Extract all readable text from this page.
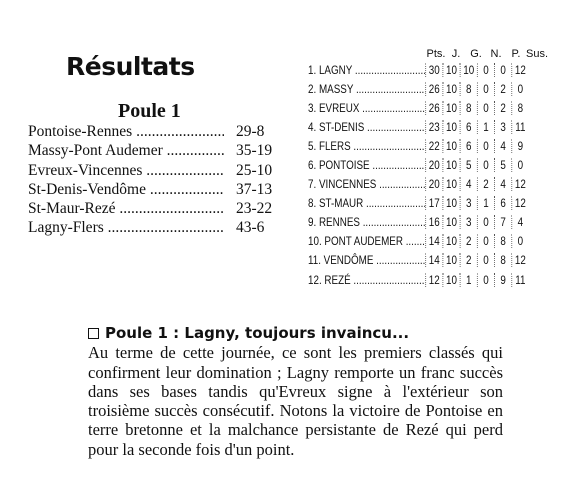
Résultats
Poule 1
Pontoise-Rennes .....	29-8
Massy-Pont Audemer .....	35-19
Evreux-Vincennes .....	25-10
St-Denis-Vendôme .....	37-13
St-Maur-Rezé .....	23-22
Lagny-Flers .....	43-6
Pts. J. G. N. P. Sus.
1. LAGNY .....	30 10 10 0 0 12
2. MASSY .....	26 10 8 0 2 0
3. EVREUX .....	26 10 8 0 2 8
4. ST-DENIS .....	23 10 6 1 3 11
5. FLERS .....	22 10 6 0 4 9
6. PONTOISE .....	20 10 5 0 5 0
7. VINCENNES .....	20 10 4 2 4 12
8. ST-MAUR .....	17 10 3 1 6 12
9. RENNES .....	16 10 3 0 7 4
10. PONT AUDEMER .....	14 10 2 0 8 0
11. VENDÔME .....	14 10 2 0 8 12
12. REZÉ .....	12 10 1 0 9 11
Poule 1 : Lagny, toujours invaincu...
Au terme de cette journée, ce sont les premiers classés qui confirment leur domination ; Lagny remporte un franc succès dans ses bases tandis qu'Evreux signe à l'extérieur son troisième succès consécutif. Notons la victoire de Pontoise en terre bretonne et la malchance persistante de Rezé qui perd pour la seconde fois d'un point.
